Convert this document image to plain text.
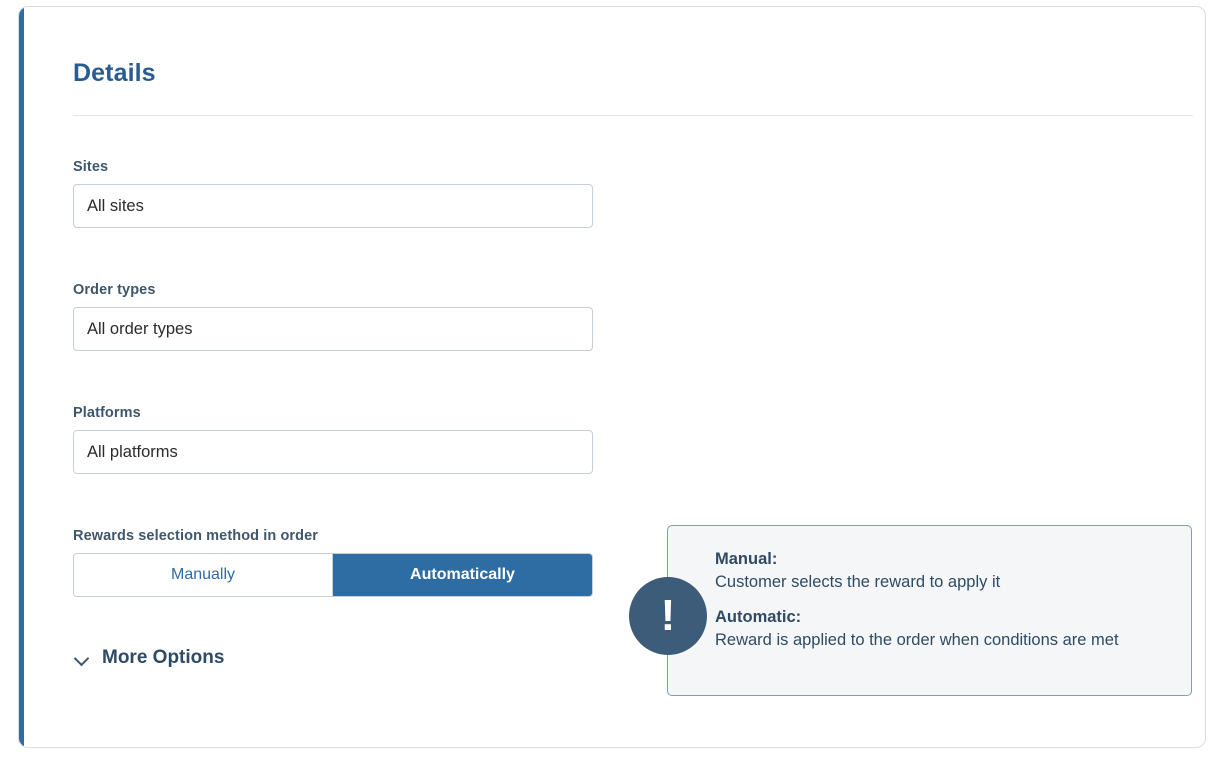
Details
Sites
All sites
Order types
All order types
Platforms
All platforms
Rewards selection method in order
Manually	Automatically
More Options
!
Manual:
Customer selects the reward to apply it
Automatic:
Reward is applied to the order when conditions are met
